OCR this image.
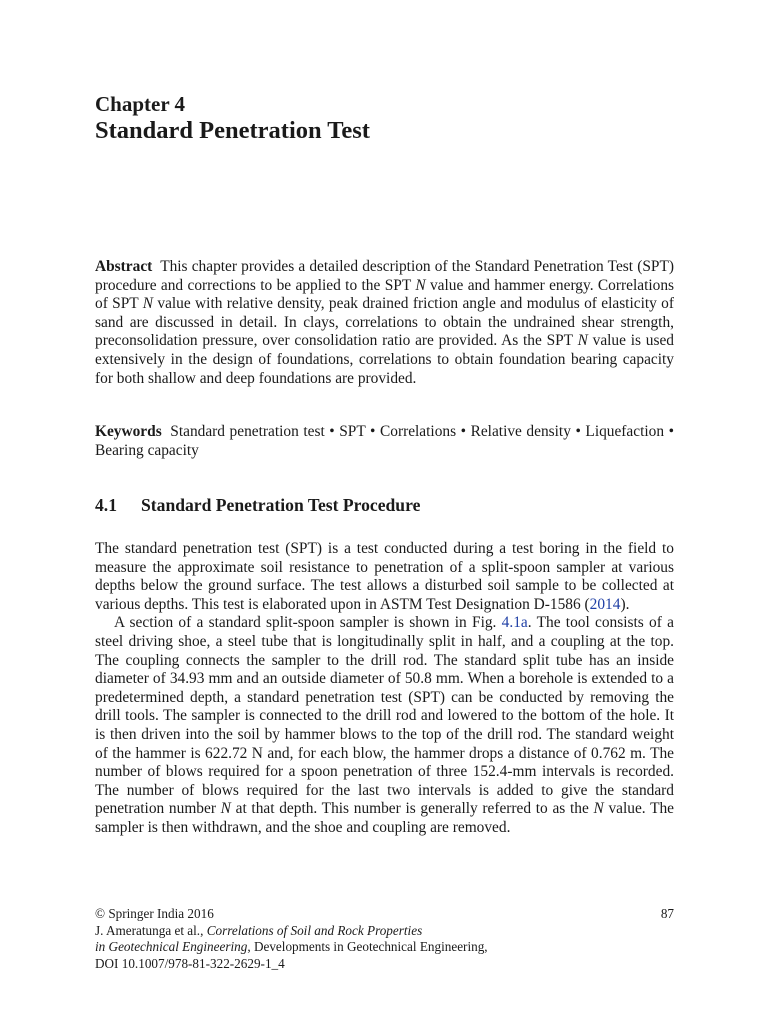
Chapter 4
Standard Penetration Test
Abstract This chapter provides a detailed description of the Standard Penetration Test (SPT) procedure and corrections to be applied to the SPT N value and hammer energy. Correlations of SPT N value with relative density, peak drained friction angle and modulus of elasticity of sand are discussed in detail. In clays, correlations to obtain the undrained shear strength, preconsolidation pressure, over consolidation ratio are provided. As the SPT N value is used extensively in the design of foundations, correlations to obtain foundation bearing capacity for both shallow and deep foundations are provided.
Keywords Standard penetration test • SPT • Correlations • Relative density • Liquefaction • Bearing capacity
4.1 Standard Penetration Test Procedure

The standard penetration test (SPT) is a test conducted during a test boring in the field to measure the approximate soil resistance to penetration of a split-spoon sampler at various depths below the ground surface. The test allows a disturbed soil sample to be collected at various depths. This test is elaborated upon in ASTM Test Designation D-1586 (2014).

A section of a standard split-spoon sampler is shown in Fig. 4.1a. The tool consists of a steel driving shoe, a steel tube that is longitudinally split in half, and a coupling at the top. The coupling connects the sampler to the drill rod. The standard split tube has an inside diameter of 34.93 mm and an outside diameter of 50.8 mm. When a borehole is extended to a predetermined depth, a standard penetration test (SPT) can be conducted by removing the drill tools. The sampler is connected to the drill rod and lowered to the bottom of the hole. It is then driven into the soil by hammer blows to the top of the drill rod. The standard weight of the hammer is 622.72 N and, for each blow, the hammer drops a distance of 0.762 m. The number of blows required for a spoon penetration of three 152.4-mm intervals is recorded. The number of blows required for the last two intervals is added to give the standard penetration number N at that depth. This number is generally referred to as the N value. The sampler is then withdrawn, and the shoe and coupling are removed.

© Springer India 2016	87
J. Ameratunga et al., Correlations of Soil and Rock Properties
in Geotechnical Engineering, Developments in Geotechnical Engineering,
DOI 10.1007/978-81-322-2629-1_4
